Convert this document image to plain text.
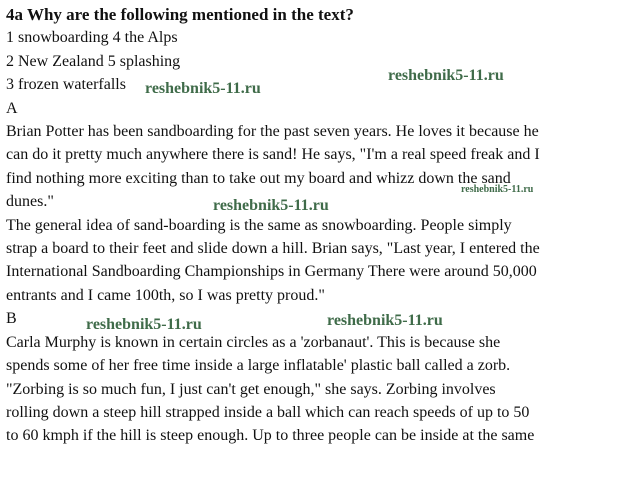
4a Why are the following mentioned in the text?

1 snowboarding 4 the Alps

2 New Zealand 5 splashing

3 frozen waterfalls

A

Brian Potter has been sandboarding for the past seven years. He loves it because he

can do it pretty much anywhere there is sand! He says, "I'm a real speed freak and I

find nothing more exciting than to take out my board and whizz down the sand

dunes."

The general idea of sand-boarding is the same as snowboarding. People simply

strap a board to their feet and slide down a hill. Brian says, "Last year, I entered the

International Sandboarding Championships in Germany There were around 50,000

entrants and I came 100th, so I was pretty proud."

B

Carla Murphy is known in certain circles as a 'zorbanaut'. This is because she

spends some of her free time inside a large inflatable' plastic ball called a zorb.

"Zorbing is so much fun, I just can't get enough," she says. Zorbing involves

rolling down a steep hill strapped inside a ball which can reach speeds of up to 50

to 60 kmph if the hill is steep enough. Up to three people can be inside at the same

reshebnik5-11.ru
reshebnik5-11.ru
reshebnik5-11.ru
reshebnik5-11.ru
reshebnik5-11.ru	reshebnik5-11.ru
